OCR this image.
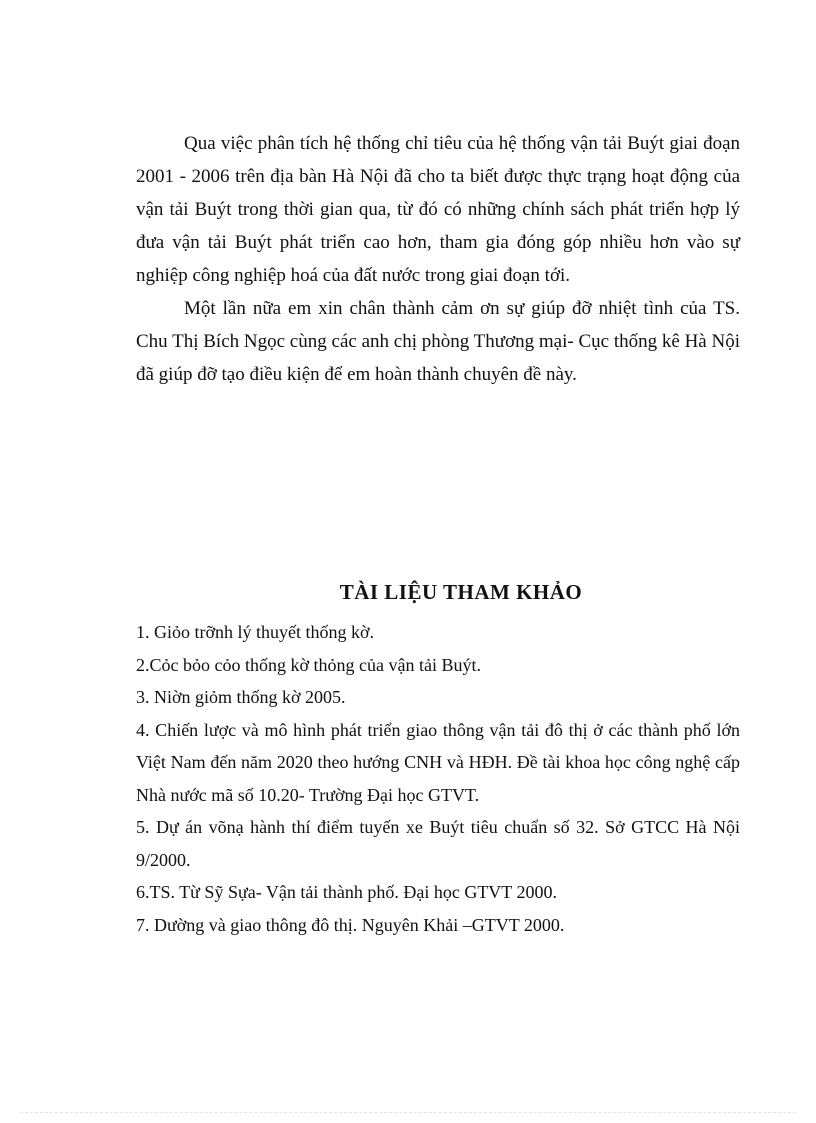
Qua việc phân tích hệ thống chỉ tiêu của hệ thống vận tải Buýt giai đoạn 2001 - 2006 trên địa bàn Hà Nội đã cho ta biết được thực trạng hoạt động của vận tải Buýt trong thời gian qua, từ đó có những chính sách phát triển hợp lý đưa vận tải Buýt phát triển cao hơn, tham gia đóng góp nhiều hơn vào sự nghiệp công nghiệp hoá của đất nước trong giai đoạn tới.

Một lần nữa em xin chân thành cảm ơn sự giúp đỡ nhiệt tình của TS. Chu Thị Bích Ngọc cùng các anh chị phòng Thương mại- Cục thống kê Hà Nội đã giúp đỡ tạo điều kiện để em hoàn thành chuyên đề này.

TÀI LIỆU THAM KHẢO
1. Giỏo trỡnh lý thuyết thống kờ.
2.Cỏc bỏo cỏo thống kờ thỏng của vận tải Buýt.
3. Niờn giỏm thống kờ 2005.
4. Chiến lược và mô hình phát triển giao thông vận tải đô thị ở các thành phố lớn Việt Nam đến năm 2020 theo hướng CNH và HĐH. Đề tài khoa học công nghệ cấp Nhà nước mã số 10.20- Trường Đại học GTVT.
5. Dự án võnạ hành thí điểm tuyến xe Buýt tiêu chuẩn số 32. Sở GTCC Hà Nội 9/2000.
6.TS. Từ Sỹ Sựa- Vận tải thành phố. Đại học GTVT 2000.
7. Dường và giao thông đô thị. Nguyên Khải –GTVT 2000.
